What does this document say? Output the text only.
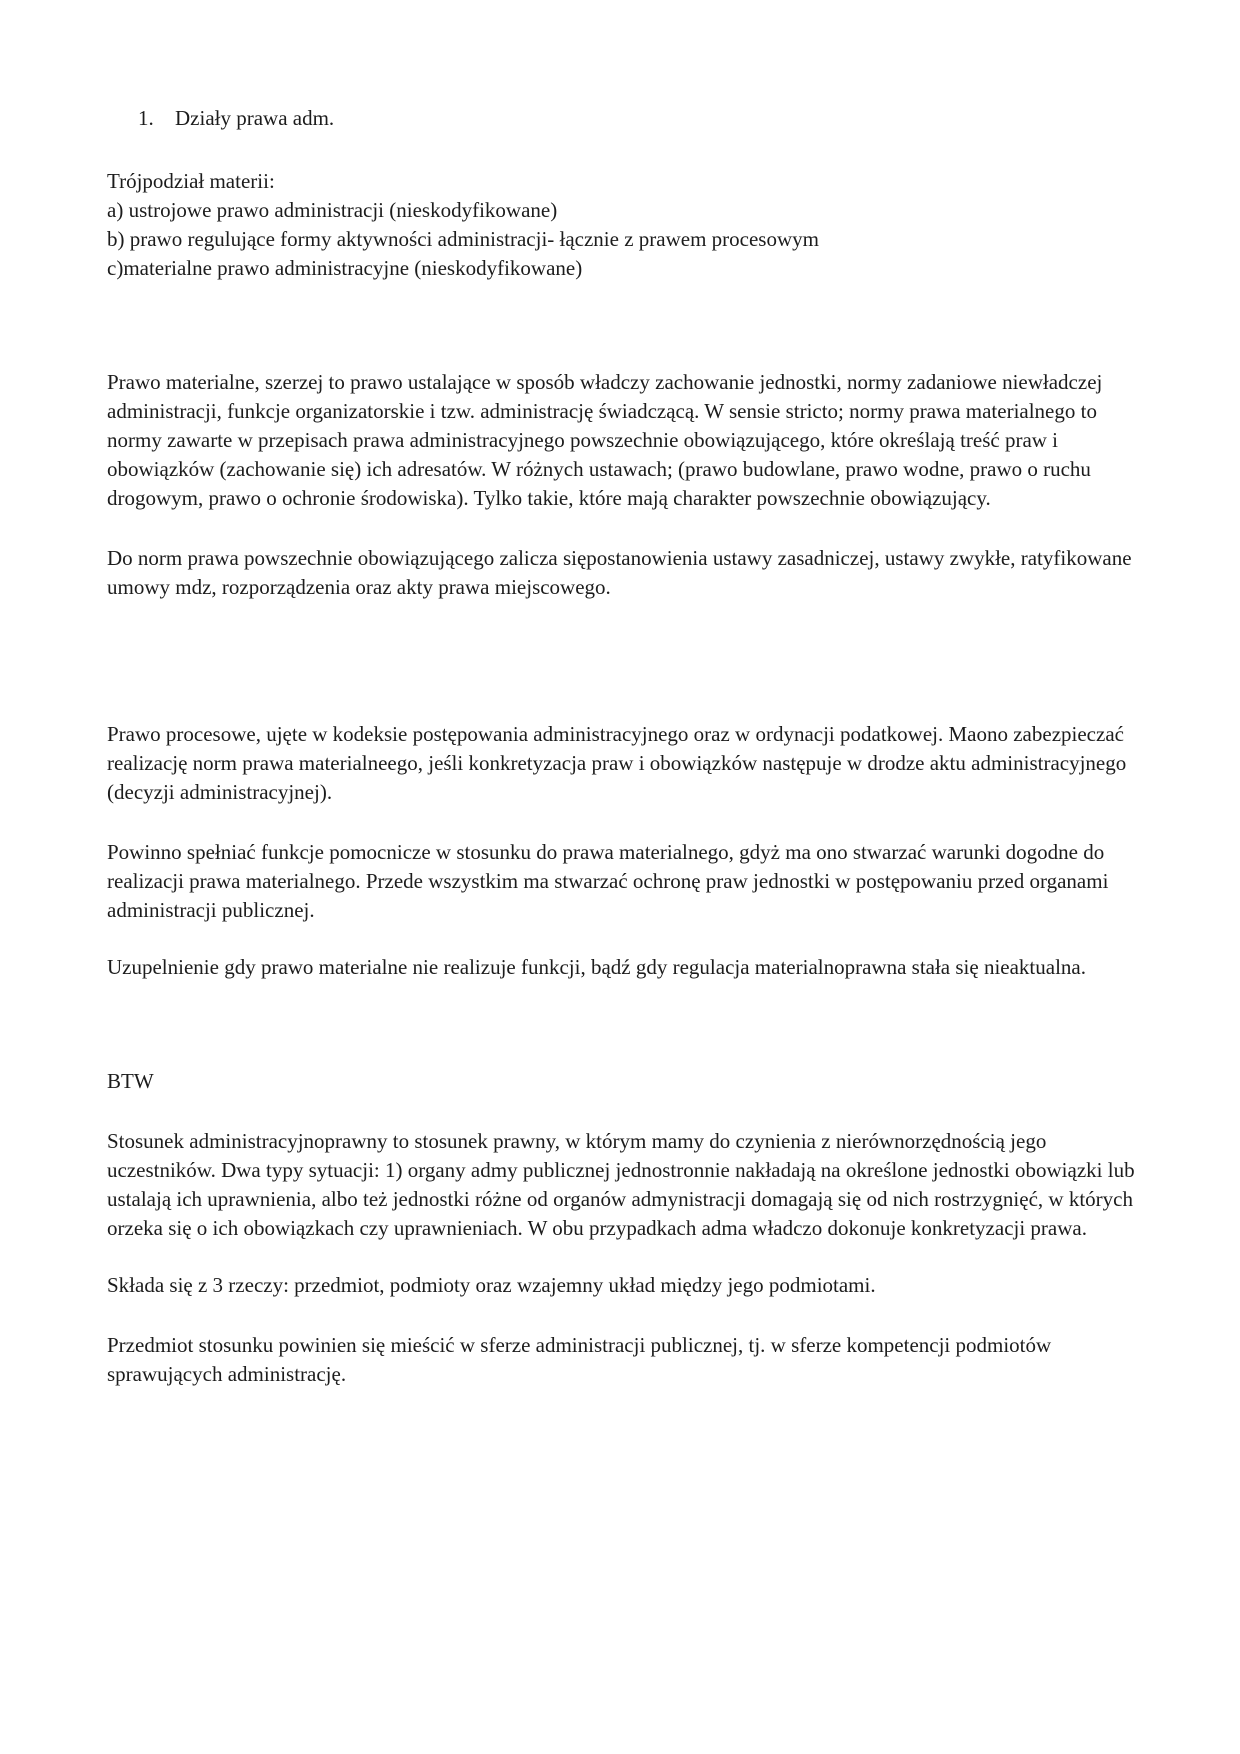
1. Działy prawa adm.

Trójpodział materii:

a) ustrojowe prawo administracji (nieskodyfikowane)

b) prawo regulujące formy aktywności administracji- łącznie z prawem procesowym

c)materialne prawo administracyjne (nieskodyfikowane)

Prawo materialne, szerzej to prawo ustalające w sposób władczy zachowanie jednostki, normy zadaniowe niewładczej administracji, funkcje organizatorskie i tzw. administrację świadczącą. W sensie stricto; normy prawa materialnego to normy zawarte w przepisach prawa administracyjnego powszechnie obowiązującego, które określają treść praw i obowiązków (zachowanie się) ich adresatów. W różnych ustawach; (prawo budowlane, prawo wodne, prawo o ruchu drogowym, prawo o ochronie środowiska). Tylko takie, które mają charakter powszechnie obowiązujący.

Do norm prawa powszechnie obowiązującego zalicza siępostanowienia ustawy zasadniczej, ustawy zwykłe, ratyfikowane umowy mdz, rozporządzenia oraz akty prawa miejscowego.

Prawo procesowe, ujęte w kodeksie postępowania administracyjnego oraz w ordynacji podatkowej. Maono zabezpieczać realizację norm prawa materialneego, jeśli konkretyzacja praw i obowiązków następuje w drodze aktu administracyjnego (decyzji administracyjnej).

Powinno spełniać funkcje pomocnicze w stosunku do prawa materialnego, gdyż ma ono stwarzać warunki dogodne do realizacji prawa materialnego. Przede wszystkim ma stwarzać ochronę praw jednostki w postępowaniu przed organami administracji publicznej.

Uzupelnienie gdy prawo materialne nie realizuje funkcji, bądź gdy regulacja materialnoprawna stała się nieaktualna.

BTW

Stosunek administracyjnoprawny to stosunek prawny, w którym mamy do czynienia z nierównorzędnością jego uczestników. Dwa typy sytuacji: 1) organy admy publicznej jednostronnie nakładają na określone jednostki obowiązki lub ustalają ich uprawnienia, albo też jednostki różne od organów admynistracji domagają się od nich rostrzygnięć, w których orzeka się o ich obowiązkach czy uprawnieniach. W obu przypadkach adma władczo dokonuje konkretyzacji prawa.

Składa się z 3 rzeczy: przedmiot, podmioty oraz wzajemny układ między jego podmiotami.

Przedmiot stosunku powinien się mieścić w sferze administracji publicznej, tj. w sferze kompetencji podmiotów sprawujących administrację.
